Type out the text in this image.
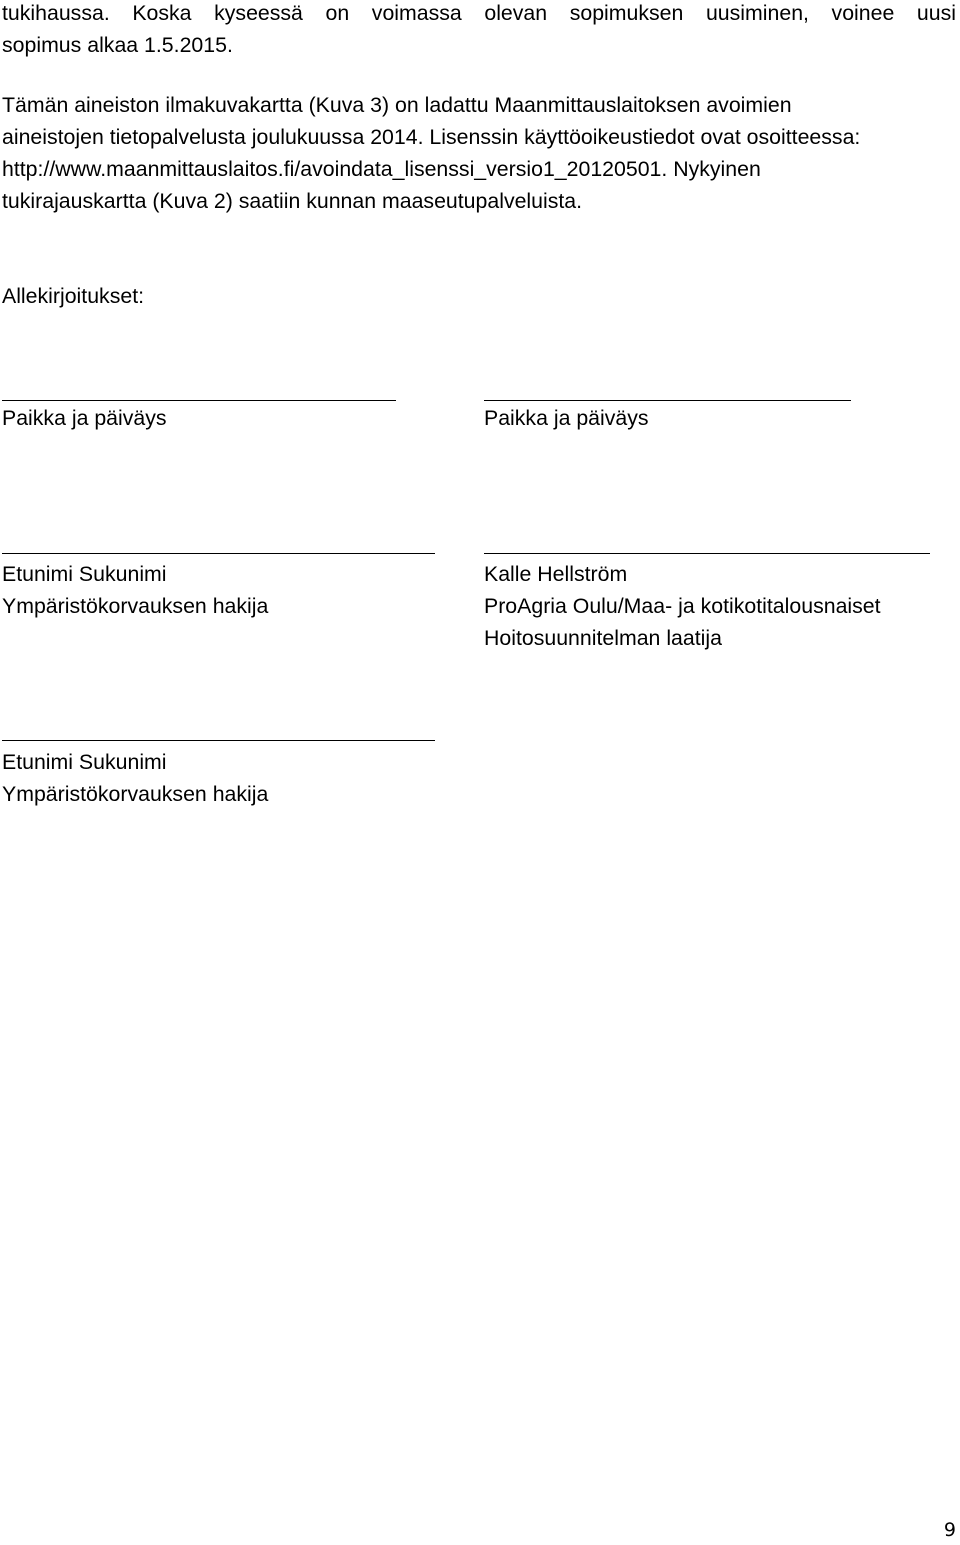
tukihaussa. Koska kyseessä on voimassa olevan sopimuksen uusiminen, voinee uusi
sopimus alkaa 1.5.2015.

Tämän aineiston ilmakuvakartta (Kuva 3) on ladattu Maanmittauslaitoksen avoimien
aineistojen tietopalvelusta joulukuussa 2014. Lisenssin käyttöoikeustiedot ovat osoitteessa:
http://www.maanmittauslaitos.fi/avoindata_lisenssi_versio1_20120501. Nykyinen
tukirajauskartta (Kuva 2) saatiin kunnan maaseutupalveluista.

Allekirjoitukset:

Paikka ja päiväys	Paikka ja päiväys

Etunimi Sukunimi

Ympäristökorvauksen hakija

Kalle Hellström

ProAgria Oulu/Maa- ja kotikotitalousnaiset

Hoitosuunnitelman laatija

Etunimi Sukunimi

Ympäristökorvauksen hakija

9
